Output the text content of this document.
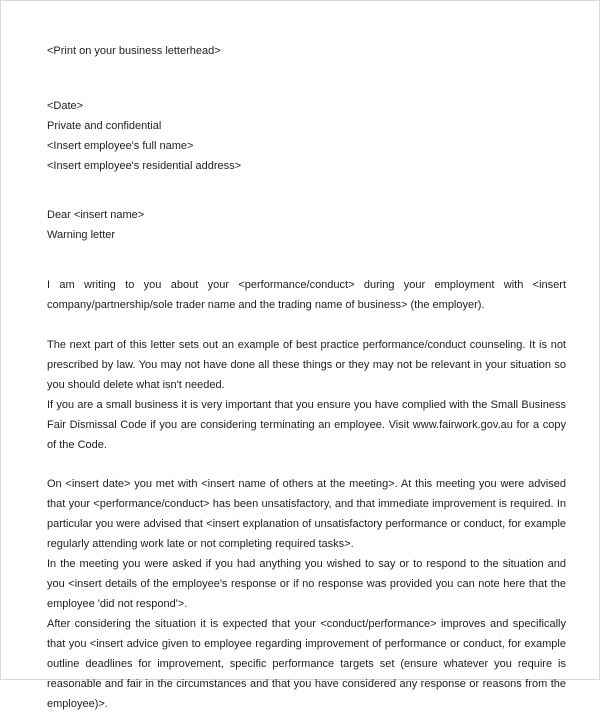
<Print on your business letterhead>
<Date>
Private and confidential
<Insert employee's full name>
<Insert employee's residential address>
Dear <insert name>
Warning letter

I am writing to you about your <performance/conduct> during your employment with <insert company/partnership/sole trader name and the trading name of business> (the employer).

The next part of this letter sets out an example of best practice performance/conduct counseling. It is not prescribed by law. You may not have done all these things or they may not be relevant in your situation so you should delete what isn't needed.

If you are a small business it is very important that you ensure you have complied with the Small Business Fair Dismissal Code if you are considering terminating an employee. Visit www.fairwork.gov.au for a copy of the Code.

On <insert date> you met with <insert name of others at the meeting>. At this meeting you were advised that your <performance/conduct> has been unsatisfactory, and that immediate improvement is required. In particular you were advised that <insert explanation of unsatisfactory performance or conduct, for example regularly attending work late or not completing required tasks>.

In the meeting you were asked if you had anything you wished to say or to respond to the situation and you <insert details of the employee's response or if no response was provided you can note here that the employee 'did not respond'>.

After considering the situation it is expected that your <conduct/performance> improves and specifically that you <insert advice given to employee regarding improvement of performance or conduct, for example outline deadlines for improvement, specific performance targets set (ensure whatever you require is reasonable and fair in the circumstances and that you have considered any response or reasons from the employee)>.
